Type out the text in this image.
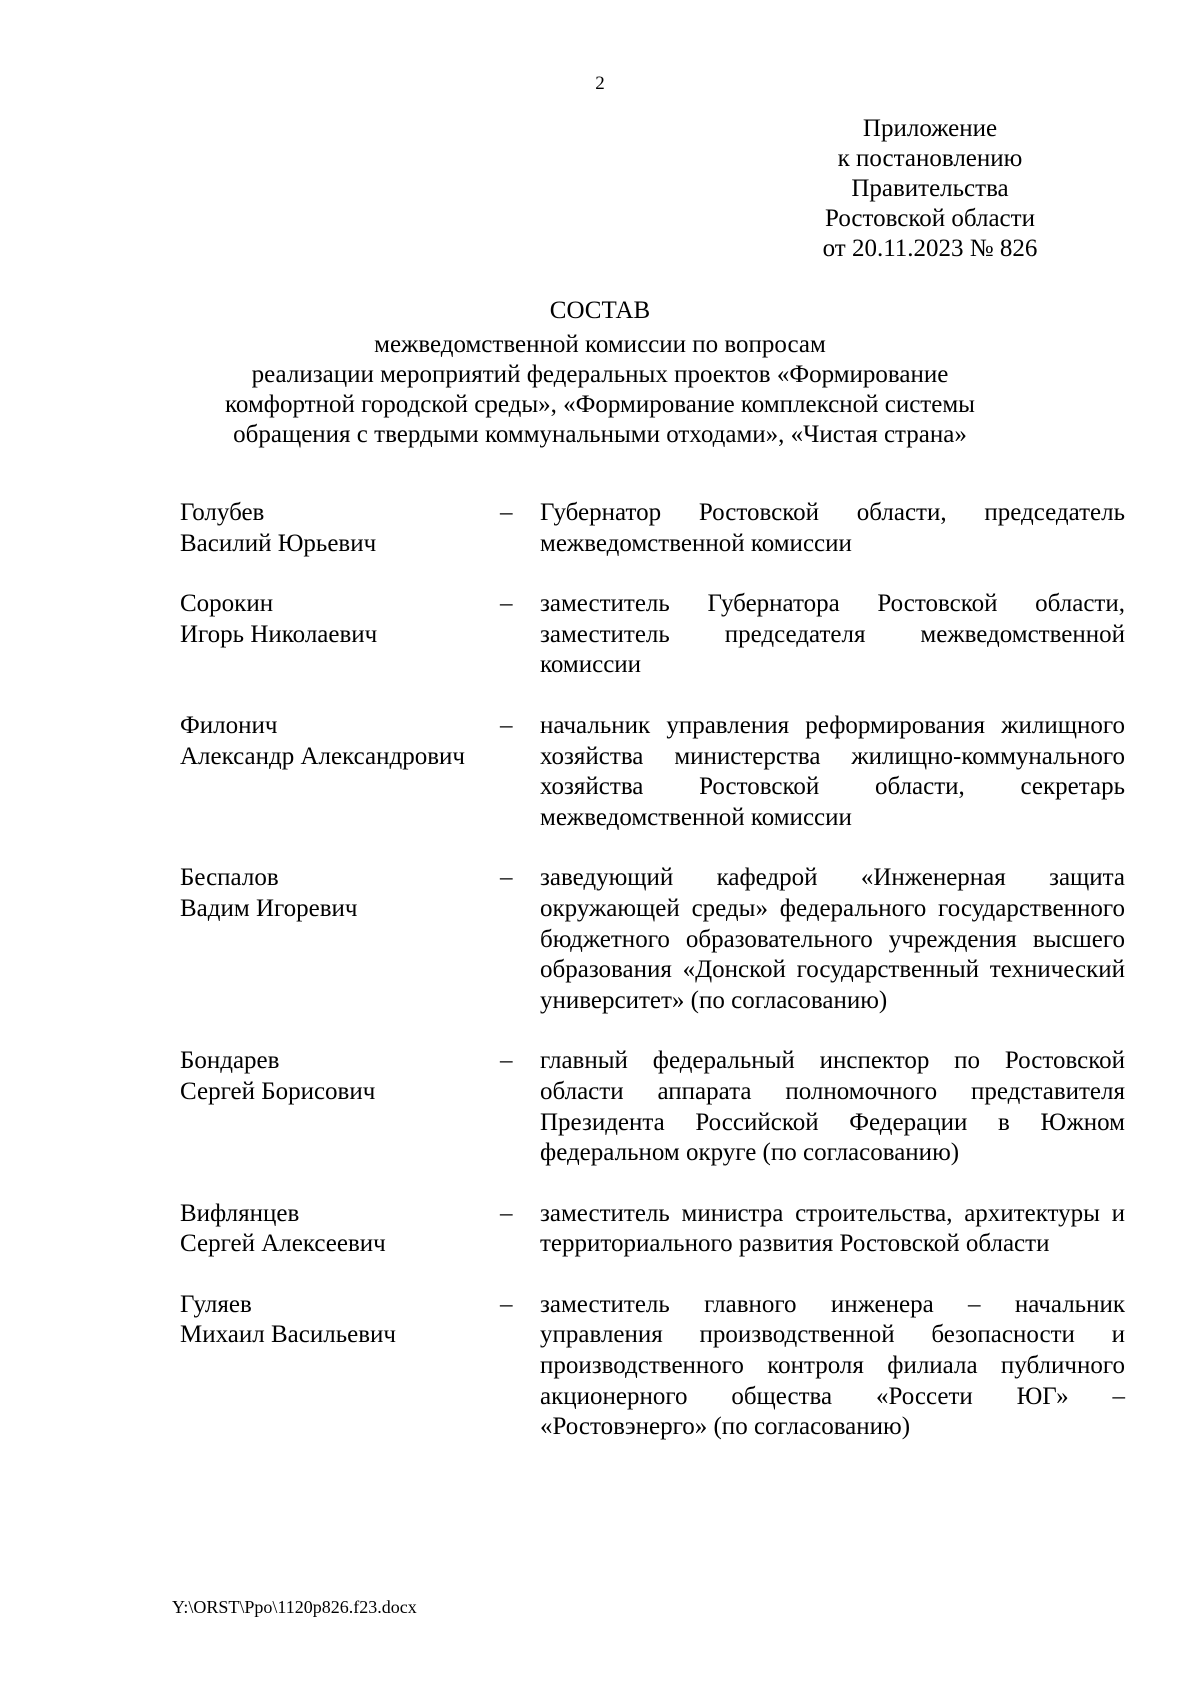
2
Приложение
к постановлению
Правительства
Ростовской области
от 20.11.2023 № 826
СОСТАВ
межведомственной комиссии по вопросам
реализации мероприятий федеральных проектов «Формирование
комфортной городской среды», «Формирование комплексной системы
обращения с твердыми коммунальными отходами», «Чистая страна»
Голубев
Василий Юрьевич
–	Губернатор Ростовской области, председатель межведомственной комиссии
Сорокин
Игорь Николаевич
–	заместитель Губернатора Ростовской области, заместитель председателя межведомственной комиссии
Филонич
Александр Александрович
–	начальник управления реформирования жилищного хозяйства министерства жилищно-коммунального хозяйства Ростовской области, секретарь межведомственной комиссии
Беспалов
Вадим Игоревич
–	заведующий кафедрой «Инженерная защита окружающей среды» федерального государственного бюджетного образовательного учреждения высшего образования «Донской государственный технический университет» (по согласованию)
Бондарев
Сергей Борисович
–	главный федеральный инспектор по Ростовской области аппарата полномочного представителя Президента Российской Федерации в Южном федеральном округе (по согласованию)
Вифлянцев
Сергей Алексеевич
–	заместитель министра строительства, архитектуры и территориального развития Ростовской области
Гуляев
Михаил Васильевич
–	заместитель главного инженера – начальник управления производственной безопасности и производственного контроля филиала публичного акционерного общества «Россети ЮГ» – «Ростовэнерго» (по согласованию)
Y:\ORST\Ppo\1120p826.f23.docx
